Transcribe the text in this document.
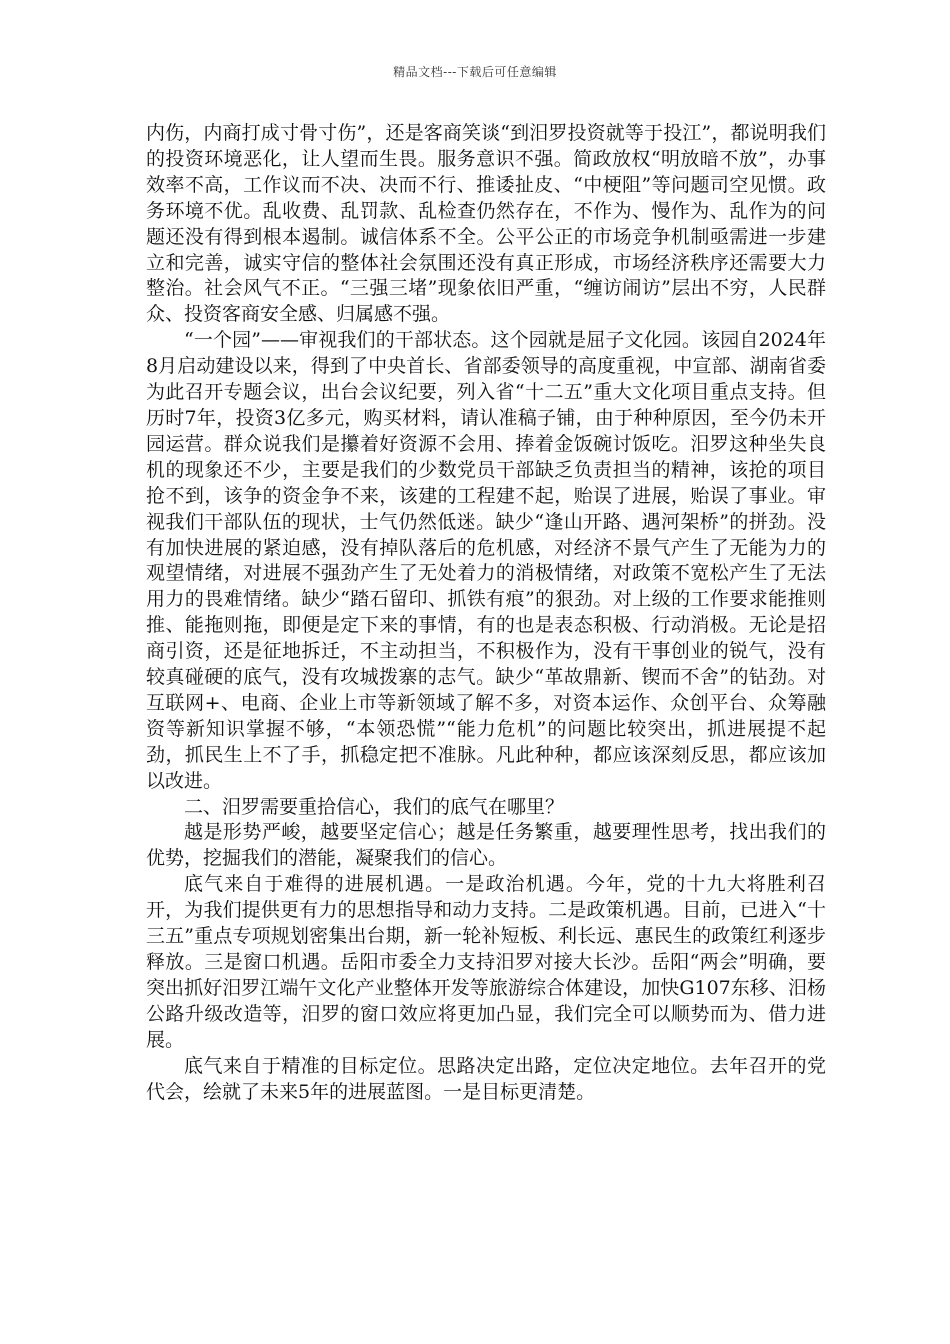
精品文档---下载后可任意编辑

内伤，内商打成寸骨寸伤”，还是客商笑谈“到汨罗投资就等于投江”，都说明我们的投资环境恶化，让人望而生畏。服务意识不强。简政放权“明放暗不放”，办事效率不高，工作议而不决、决而不行、推诿扯皮、“中梗阻”等问题司空见惯。政务环境不优。乱收费、乱罚款、乱检查仍然存在，不作为、慢作为、乱作为的问题还没有得到根本遏制。诚信体系不全。公平公正的市场竞争机制亟需进一步建立和完善，诚实守信的整体社会氛围还没有真正形成，市场经济秩序还需要大力整治。社会风气不正。“三强三堵”现象依旧严重，“缠访闹访”层出不穷，人民群众、投资客商安全感、归属感不强。

“一个园”——审视我们的干部状态。这个园就是屈子文化园。该园自2024年8月启动建设以来，得到了中央首长、省部委领导的高度重视，中宣部、湖南省委为此召开专题会议，出台会议纪要，列入省“十二五”重大文化项目重点支持。但历时7年，投资3亿多元，购买材料，请认准稿子铺，由于种种原因，至今仍未开园运营。群众说我们是攥着好资源不会用、捧着金饭碗讨饭吃。汨罗这种坐失良机的现象还不少，主要是我们的少数党员干部缺乏负责担当的精神，该抢的项目抢不到，该争的资金争不来，该建的工程建不起，贻误了进展，贻误了事业。审视我们干部队伍的现状，士气仍然低迷。缺少“逢山开路、遇河架桥”的拼劲。没有加快进展的紧迫感，没有掉队落后的危机感，对经济不景气产生了无能为力的观望情绪，对进展不强劲产生了无处着力的消极情绪，对政策不宽松产生了无法用力的畏难情绪。缺少“踏石留印、抓铁有痕”的狠劲。对上级的工作要求能推则推、能拖则拖，即便是定下来的事情，有的也是表态积极、行动消极。无论是招商引资，还是征地拆迁，不主动担当，不积极作为，没有干事创业的锐气，没有较真碰硬的底气，没有攻城拨寨的志气。缺少“革故鼎新、锲而不舍”的钻劲。对互联网+、电商、企业上市等新领域了解不多，对资本运作、众创平台、众筹融资等新知识掌握不够，“本领恐慌”“能力危机”的问题比较突出，抓进展提不起劲，抓民生上不了手，抓稳定把不准脉。凡此种种，都应该深刻反思，都应该加以改进。

二、汨罗需要重拾信心，我们的底气在哪里？

越是形势严峻，越要坚定信心；越是任务繁重，越要理性思考，找出我们的优势，挖掘我们的潜能，凝聚我们的信心。

底气来自于难得的进展机遇。一是政治机遇。今年，党的十九大将胜利召开，为我们提供更有力的思想指导和动力支持。二是政策机遇。目前，已进入“十三五”重点专项规划密集出台期，新一轮补短板、利长远、惠民生的政策红利逐步释放。三是窗口机遇。岳阳市委全力支持汨罗对接大长沙。岳阳“两会”明确，要突出抓好汨罗江端午文化产业整体开发等旅游综合体建设，加快G107东移、汨杨公路升级改造等，汨罗的窗口效应将更加凸显，我们完全可以顺势而为、借力进展。

底气来自于精准的目标定位。思路决定出路，定位决定地位。去年召开的党代会，绘就了未来5年的进展蓝图。一是目标更清楚。
